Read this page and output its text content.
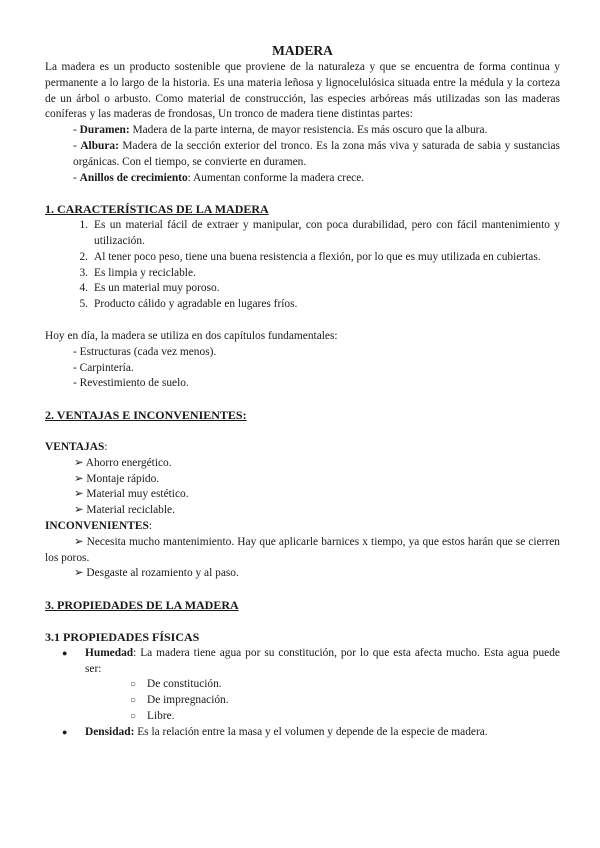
MADERA

La madera es un producto sostenible que proviene de la naturaleza y que se encuentra de forma continua y permanente a lo largo de la historia. Es una materia leñosa y lignocelulósica situada entre la médula y la corteza de un árbol o arbusto. Como material de construcción, las especies arbóreas más utilizadas son las maderas coníferas y las maderas de frondosas, Un tronco de madera tiene distintas partes:

- Duramen: Madera de la parte interna, de mayor resistencia. Es más oscuro que la albura.

- Albura: Madera de la sección exterior del tronco. Es la zona más viva y saturada de sabia y sustancias orgánicas. Con el tiempo, se convierte en duramen.

- Anillos de crecimiento: Aumentan conforme la madera crece.

1. CARACTERÍSTICAS DE LA MADERA
1. Es un material fácil de extraer y manipular, con poca durabilidad, pero con fácil mantenimiento y utilización.
2. Al tener poco peso, tiene una buena resistencia a flexión, por lo que es muy utilizada en cubiertas.
3. Es limpia y reciclable.
4. Es un material muy poroso.
5. Producto cálido y agradable en lugares fríos.

Hoy en día, la madera se utiliza en dos capítulos fundamentales:

- Estructuras (cada vez menos).

- Carpintería.

- Revestimiento de suelo.

2. VENTAJAS E INCONVENIENTES:
VENTAJAS:

➢ Ahorro energético.

➢ Montaje rápido.

➢ Material muy estético.

➢ Material reciclable.

INCONVENIENTES:

➢ Necesita mucho mantenimiento. Hay que aplicarle barnices x tiempo, ya que estos harán que se cierren los poros.

➢ Desgaste al rozamiento y al paso.

3. PROPIEDADES DE LA MADERA
3.1 PROPIEDADES FÍSICAS
●	Humedad: La madera tiene agua por su constitución, por lo que esta afecta mucho. Esta agua puede ser:
○ De constitución.
○ De impregnación.
○ Libre.
●	Densidad: Es la relación entre la masa y el volumen y depende de la especie de madera.
